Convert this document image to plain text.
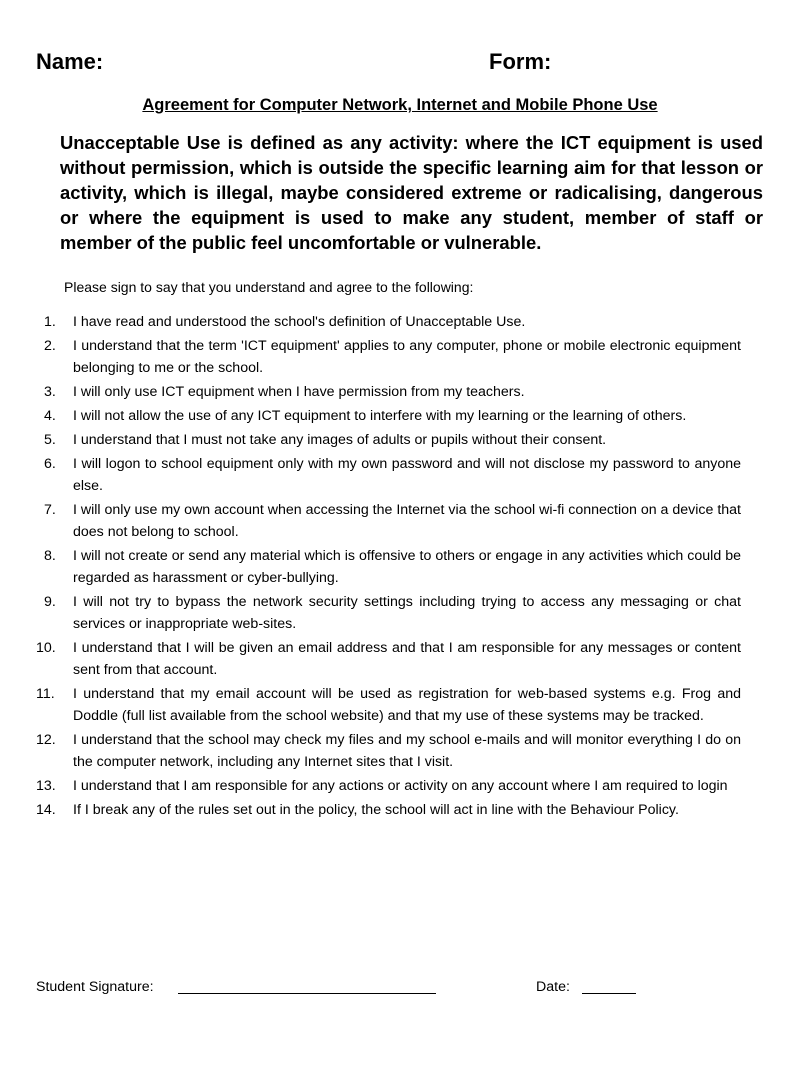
Name:	Form:
Agreement for Computer Network, Internet and Mobile Phone Use

Unacceptable Use is defined as any activity: where the ICT equipment is used without permission, which is outside the specific learning aim for that lesson or activity, which is illegal, maybe considered extreme or radicalising, dangerous or where the equipment is used to make any student, member of staff or member of the public feel uncomfortable or vulnerable.

Please sign to say that you understand and agree to the following:

1.	I have read and understood the school's definition of Unacceptable Use.
2.	I understand that the term 'ICT equipment' applies to any computer, phone or mobile electronic equipment belonging to me or the school.
3.	I will only use ICT equipment when I have permission from my teachers.
4.	I will not allow the use of any ICT equipment to interfere with my learning or the learning of others.
5.	I understand that I must not take any images of adults or pupils without their consent.
6.	I will logon to school equipment only with my own password and will not disclose my password to anyone else.
7.	I will only use my own account when accessing the Internet via the school wi-fi connection on a device that does not belong to school.
8.	I will not create or send any material which is offensive to others or engage in any activities which could be regarded as harassment or cyber-bullying.
9.	I will not try to bypass the network security settings including trying to access any messaging or chat services or inappropriate web-sites.
10.	I understand that I will be given an email address and that I am responsible for any messages or content sent from that account.
11.	I understand that my email account will be used as registration for web-based systems e.g. Frog and Doddle (full list available from the school website) and that my use of these systems may be tracked.
12.	I understand that the school may check my files and my school e-mails and will monitor everything I do on the computer network, including any Internet sites that I visit.
13.	I understand that I am responsible for any actions or activity on any account where I am required to login
14.	If I break any of the rules set out in the policy, the school will act in line with the Behaviour Policy.
Student Signature:	Date:
